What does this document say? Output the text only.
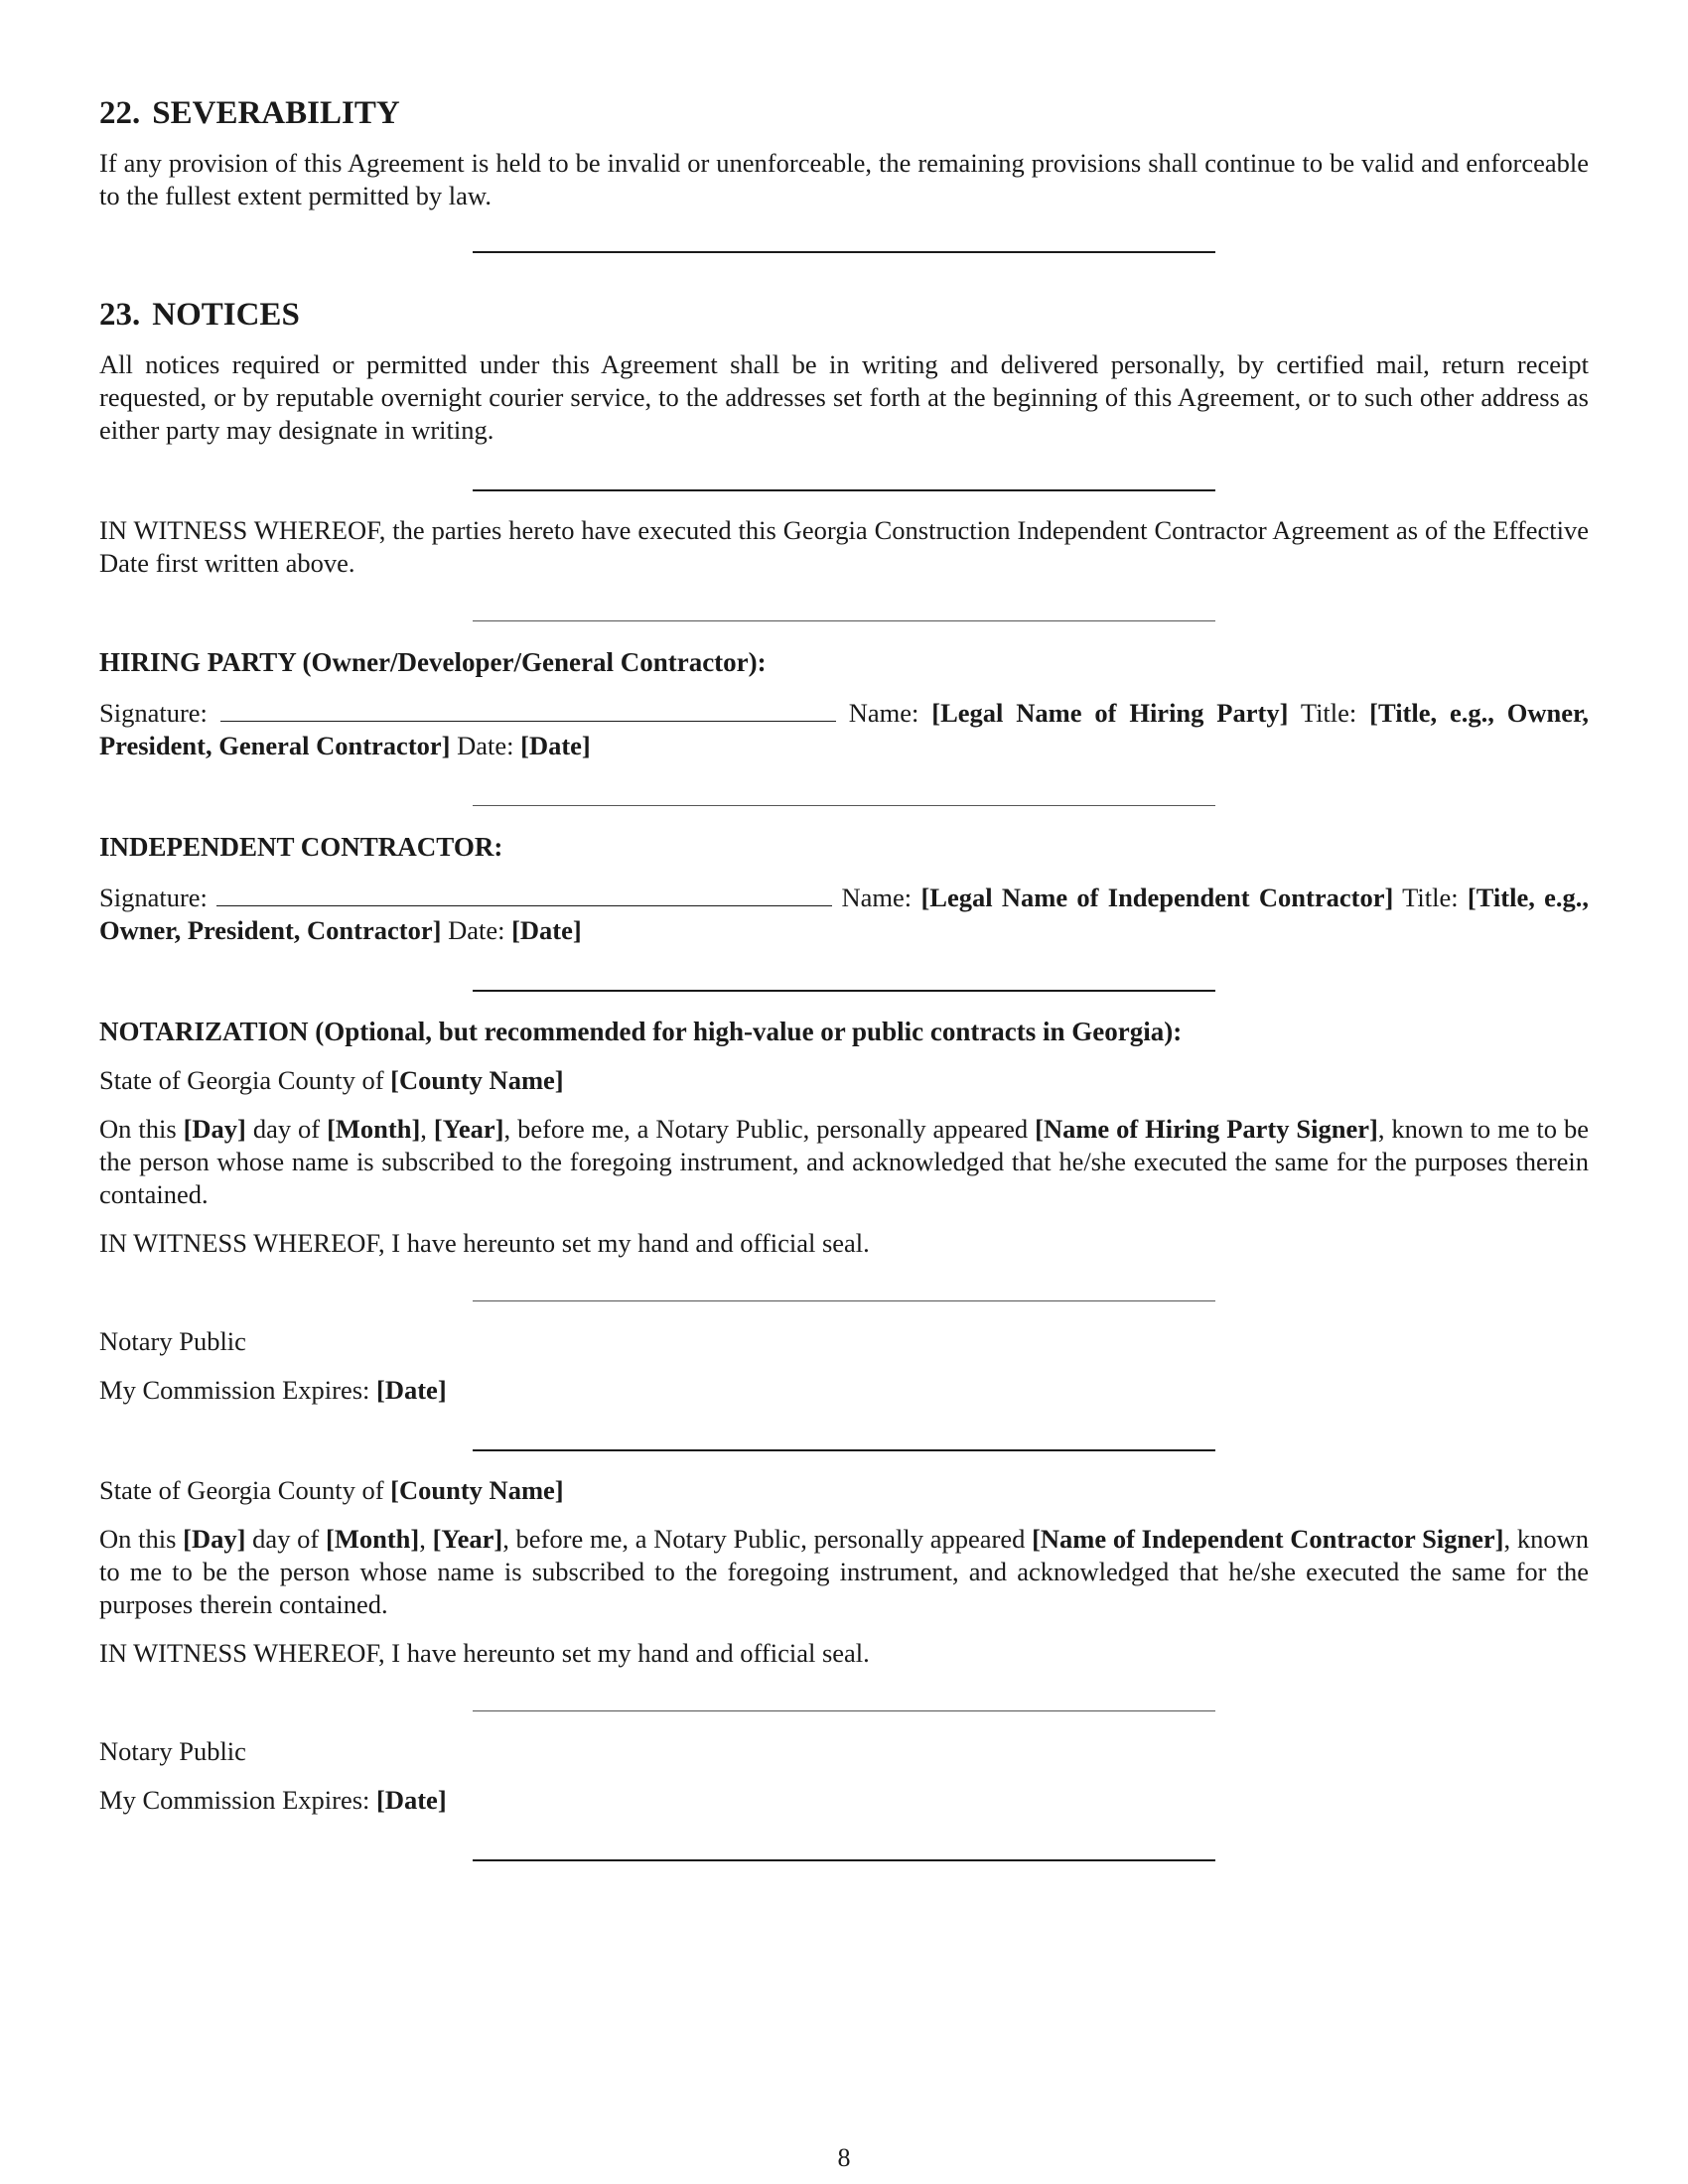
22. SEVERABILITY

If any provision of this Agreement is held to be invalid or unenforceable, the remaining provisions shall continue to be valid and enforceable to the fullest extent permitted by law.

23. NOTICES

All notices required or permitted under this Agreement shall be in writing and delivered personally, by certified mail, return receipt requested, or by reputable overnight courier service, to the addresses set forth at the beginning of this Agreement, or to such other address as either party may designate in writing.

IN WITNESS WHEREOF, the parties hereto have executed this Georgia Construction Independent Contractor Agreement as of the Effective Date first written above.

HIRING PARTY (Owner/Developer/General Contractor):

Signature:	Name: [Legal Name of Hiring Party] Title: [Title, e.g., Owner, President, General Contractor] Date: [Date]

INDEPENDENT CONTRACTOR:

Signature:	Name: [Legal Name of Independent Contractor] Title: [Title, e.g., Owner, President, Contractor] Date: [Date]

NOTARIZATION (Optional, but recommended for high-value or public contracts in Georgia):

State of Georgia County of [County Name]

On this [Day] day of [Month], [Year], before me, a Notary Public, personally appeared [Name of Hiring Party Signer], known to me to be the person whose name is subscribed to the foregoing instrument, and acknowledged that he/she executed the same for the purposes therein contained.

IN WITNESS WHEREOF, I have hereunto set my hand and official seal.

Notary Public

My Commission Expires: [Date]

State of Georgia County of [County Name]

On this [Day] day of [Month], [Year], before me, a Notary Public, personally appeared [Name of Independent Contractor Signer], known to me to be the person whose name is subscribed to the foregoing instrument, and acknowledged that he/she executed the same for the purposes therein contained.

IN WITNESS WHEREOF, I have hereunto set my hand and official seal.

Notary Public

My Commission Expires: [Date]

8
